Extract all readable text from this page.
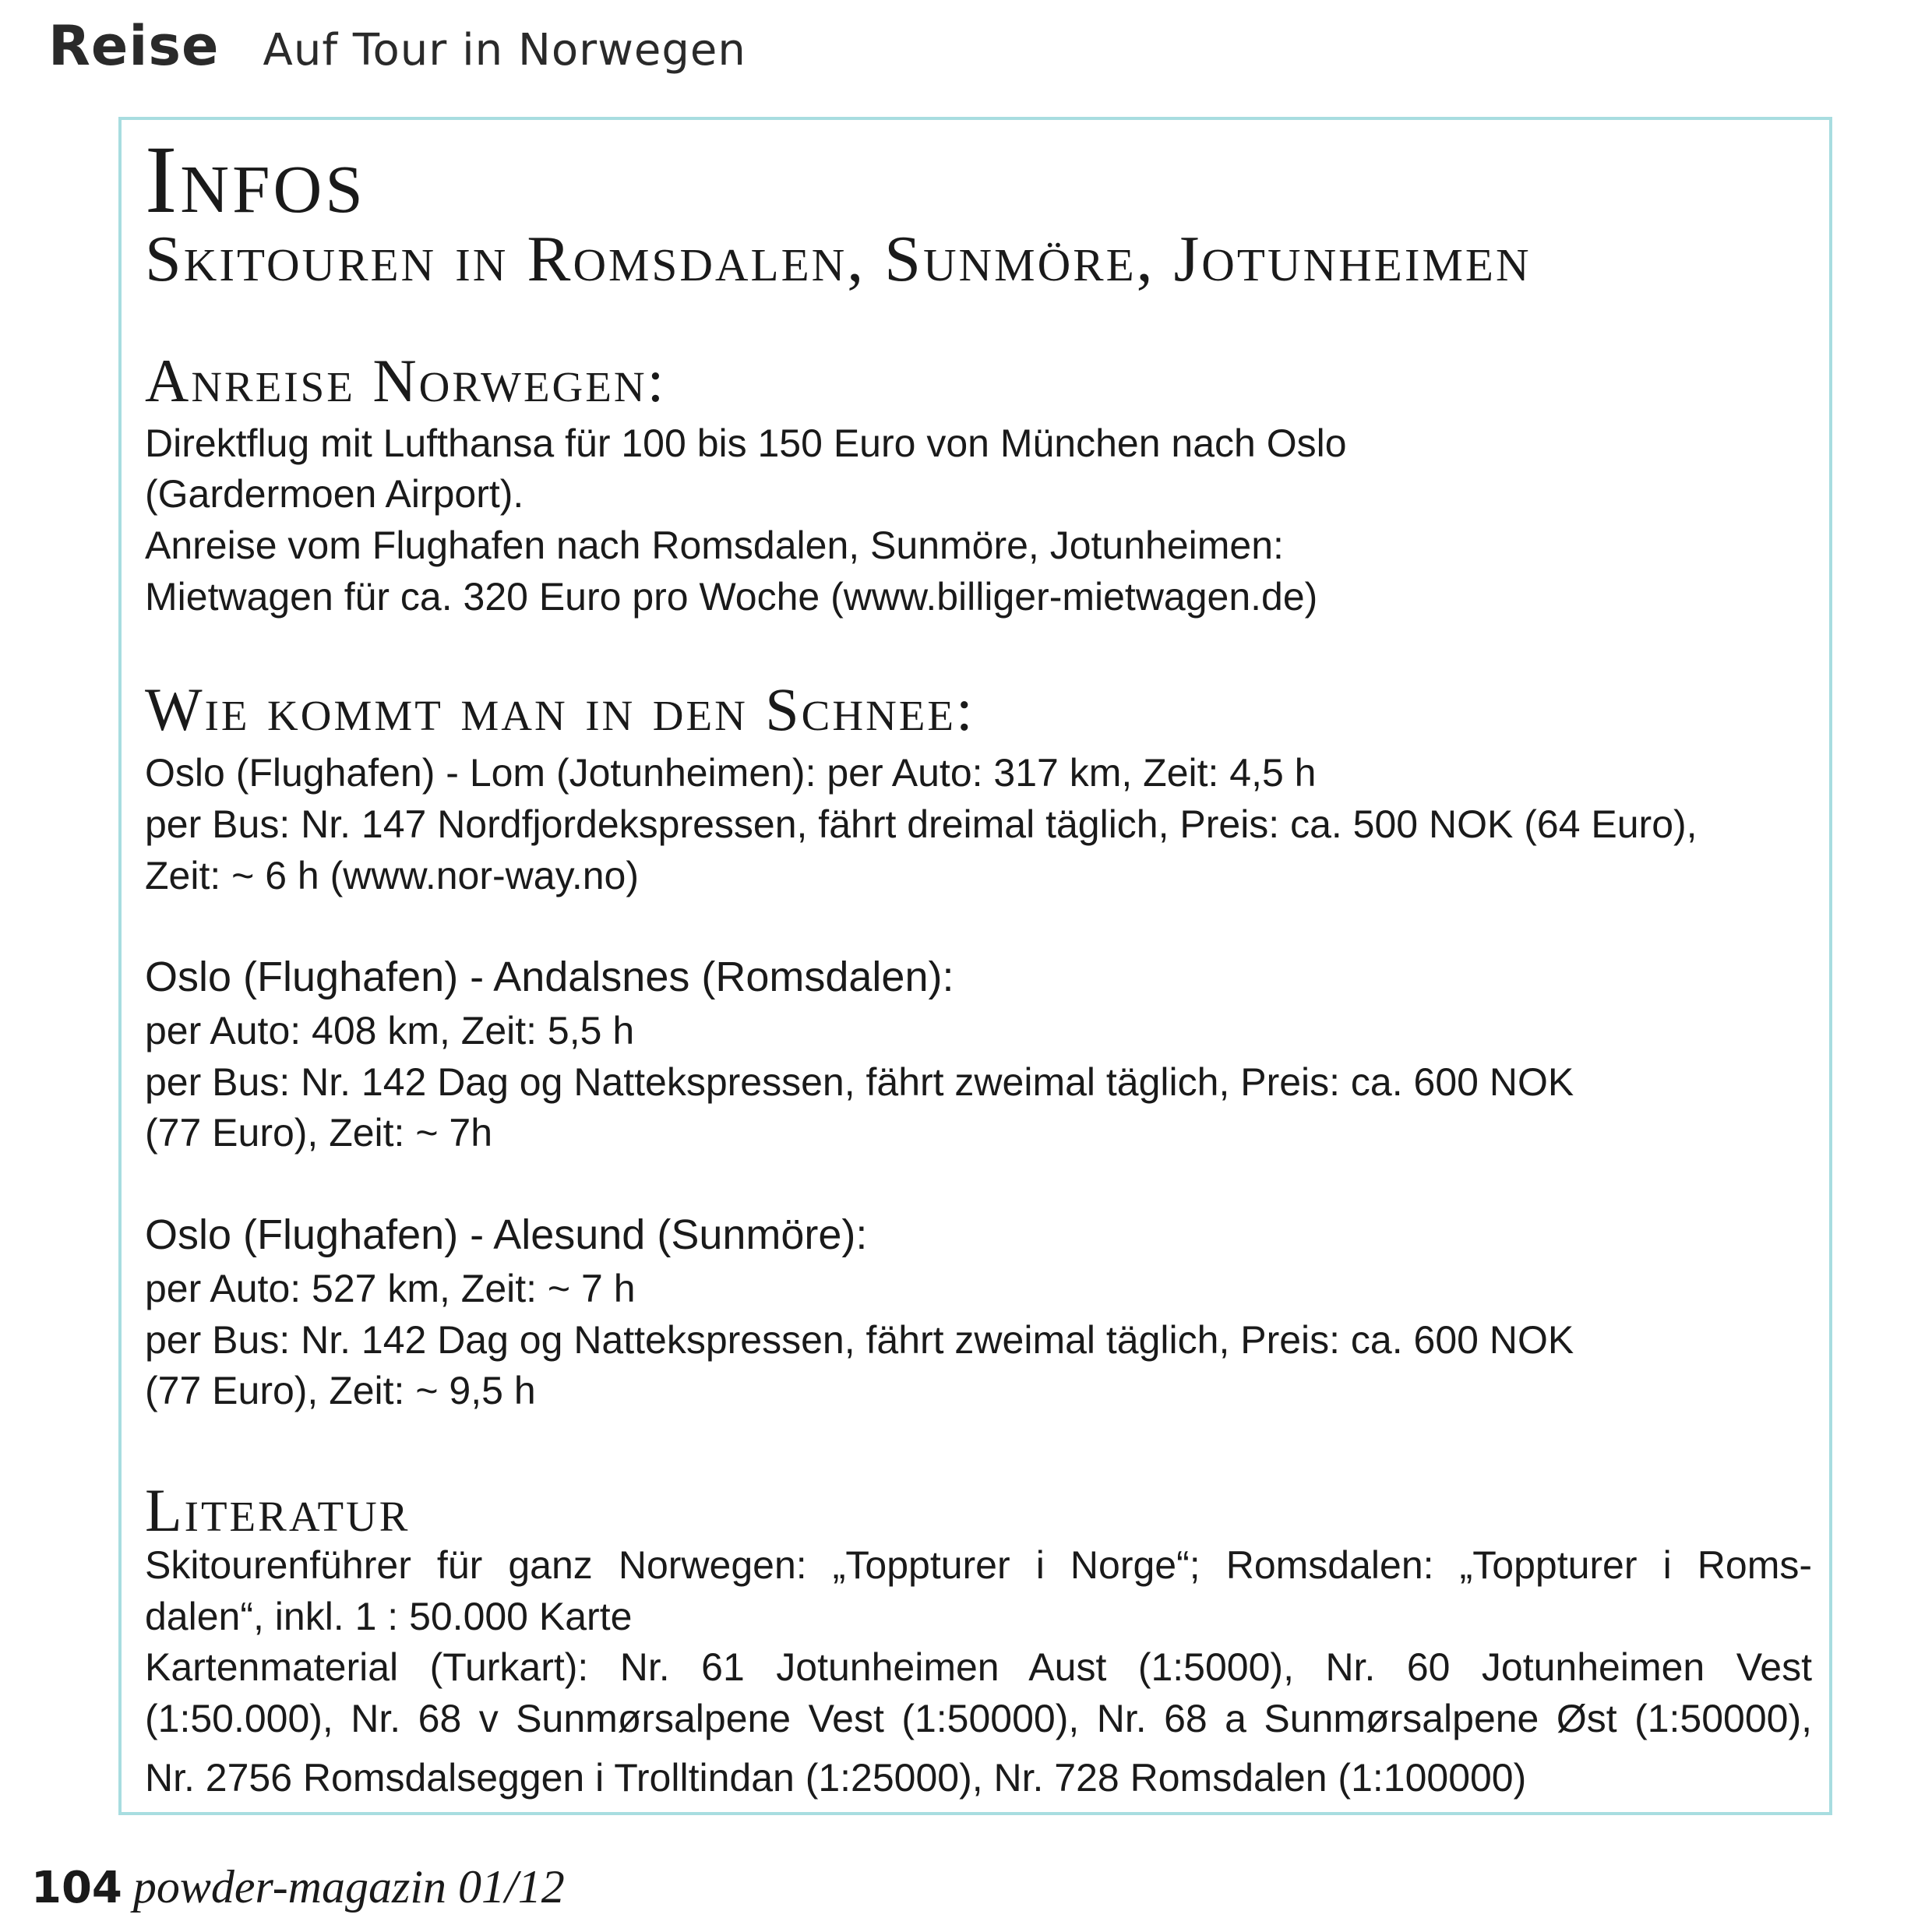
Reise Auf Tour in Norwegen
Infos
Skitouren in Romsdalen, Sunmöre, Jotunheimen
Anreise Norwegen:
Direktflug mit Lufthansa für 100 bis 150 Euro von München nach Oslo
(Gardermoen Airport).
Anreise vom Flughafen nach Romsdalen, Sunmöre, Jotunheimen:
Mietwagen für ca. 320 Euro pro Woche (www.billiger-mietwagen.de)
Wie kommt man in den Schnee:
Oslo (Flughafen) - Lom (Jotunheimen): per Auto: 317 km, Zeit: 4,5 h
per Bus: Nr. 147 Nordfjordekspressen, fährt dreimal täglich, Preis: ca. 500 NOK (64 Euro),
Zeit: ~ 6 h (www.nor-way.no)
Oslo (Flughafen) - Andalsnes (Romsdalen):
per Auto: 408 km, Zeit: 5,5 h
per Bus: Nr. 142 Dag og Nattekspressen, fährt zweimal täglich, Preis: ca. 600 NOK
(77 Euro), Zeit: ~ 7h
Oslo (Flughafen) - Alesund (Sunmöre):
per Auto: 527 km, Zeit: ~ 7 h
per Bus: Nr. 142 Dag og Nattekspressen, fährt zweimal täglich, Preis: ca. 600 NOK
(77 Euro), Zeit: ~ 9,5 h
Literatur
Skitourenführer für ganz Norwegen: „Toppturer i Norge“; Romsdalen: „Toppturer i Roms-
dalen“, inkl. 1 : 50.000 Karte
Kartenmaterial (Turkart): Nr. 61 Jotunheimen Aust (1:5000), Nr. 60 Jotunheimen Vest
(1:50.000), Nr. 68 v Sunmørsalpene Vest (1:50000), Nr. 68 a Sunmørsalpene Øst (1:50000),
Nr. 2756 Romsdalseggen i Trolltindan (1:25000), Nr. 728 Romsdalen (1:100000)
104 powder-magazin 01/12
